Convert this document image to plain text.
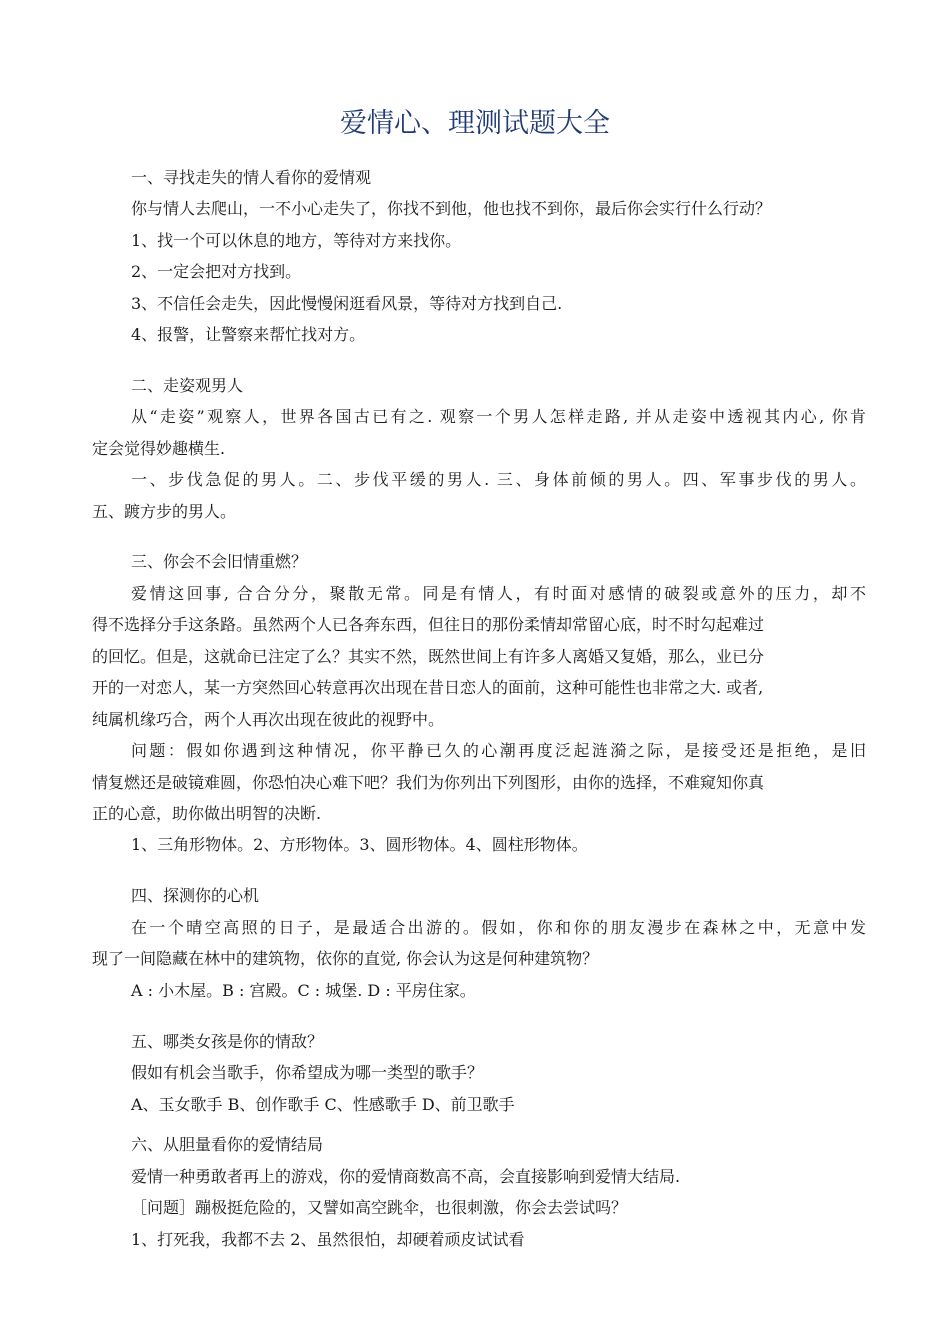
爱情心、理测试题大全
一、寻找走失的情人看你的爱情观
你与情人去爬山，一不小心走失了，你找不到他，他也找不到你，最后你会实行什么行动？
1、找一个可以休息的地方，等待对方来找你。
2、一定会把对方找到。
3、不信任会走失，因此慢慢闲逛看风景，等待对方找到自己.
4、报警，让警察来帮忙找对方。
二、走姿观男人
从“走姿”观察人，世界各国古已有之. 观察一个男人怎样走路, 并从走姿中透视其内心, 你肯
定会觉得妙趣横生.
一、步伐急促的男人。二、步伐平缓的男人. 三、身体前倾的男人。四、军事步伐的男人。
五、踱方步的男人。
三、你会不会旧情重燃？
爱情这回事, 合合分分，聚散无常。同是有情人，有时面对感情的破裂或意外的压力，却不
得不选择分手这条路。虽然两个人已各奔东西，但往日的那份柔情却常留心底，时不时勾起难过
的回忆。但是，这就命已注定了么？其实不然，既然世间上有许多人离婚又复婚，那么，业已分
开的一对恋人，某一方突然回心转意再次出现在昔日恋人的面前，这种可能性也非常之大. 或者,
纯属机缘巧合，两个人再次出现在彼此的视野中。
问题：假如你遇到这种情况，你平静已久的心潮再度泛起涟漪之际，是接受还是拒绝，是旧
情复燃还是破镜难圆，你恐怕决心难下吧？我们为你列出下列图形，由你的选择，不难窥知你真
正的心意，助你做出明智的决断.
1、三角形物体。2、方形物体。3、圆形物体。4、圆柱形物体。
四、探测你的心机
在一个晴空高照的日子，是最适合出游的。假如，你和你的朋友漫步在森林之中，无意中发
现了一间隐藏在林中的建筑物，依你的直觉, 你会认为这是何种建筑物？
A : 小木屋。B : 宫殿。C : 城堡. D : 平房住家。
五、哪类女孩是你的情敌？
假如有机会当歌手，你希望成为哪一类型的歌手？
A、玉女歌手 B、创作歌手 C、性感歌手 D、前卫歌手
六、从胆量看你的爱情结局
爱情一种勇敢者再上的游戏，你的爱情商数高不高，会直接影响到爱情大结局.
［问题］蹦极挺危险的，又譬如高空跳伞，也很刺激，你会去尝试吗？
1、打死我，我都不去 2、虽然很怕，却硬着顽皮试试看
